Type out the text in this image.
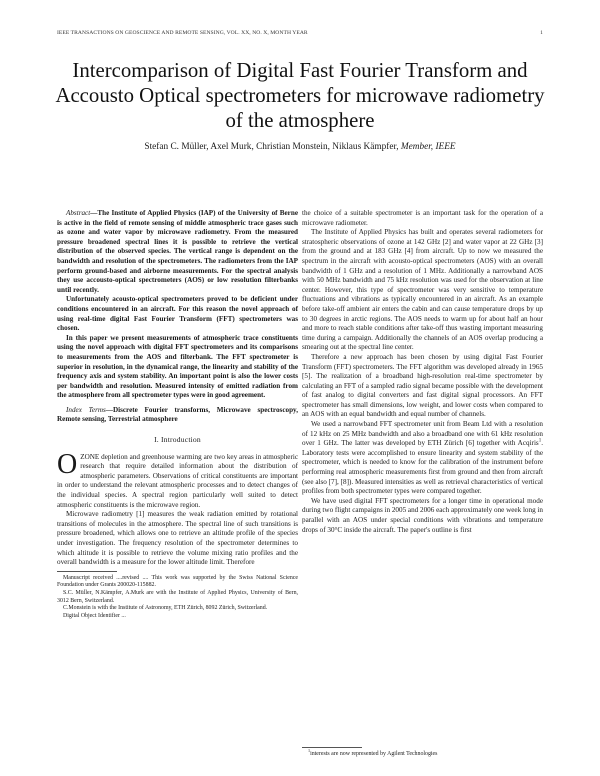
IEEE TRANSACTIONS ON GEOSCIENCE AND REMOTE SENSING, VOL. XX, NO. X, MONTH YEAR	1
Intercomparison of Digital Fast Fourier Transform and Accousto Optical spectrometers for microwave radiometry of the atmosphere
Stefan C. Müller, Axel Murk, Christian Monstein, Niklaus Kämpfer, Member, IEEE

Abstract—The Institute of Applied Physics (IAP) of the University of Berne is active in the field of remote sensing of middle atmospheric trace gases such as ozone and water vapor by microwave radiometry. From the measured pressure broadened spectral lines it is possible to retrieve the vertical distribution of the observed species. The vertical range is dependent on the bandwidth and resolution of the spectrometers. The radiometers from the IAP perform ground-based and airborne measurements. For the spectral analysis they use accousto-optical spectrometers (AOS) or low resolution filterbanks until recently.

Unfortunately acousto-optical spectrometers proved to be deficient under conditions encountered in an aircraft. For this reason the novel approach of using real-time digital Fast Fourier Transform (FFT) spectrometers was chosen.

In this paper we present measurements of atmospheric trace constituents using the novel approach with digital FFT spectrometers and its comparisons to measurements from the AOS and filterbank. The FFT spectrometer is superior in resolution, in the dynamical range, the linearity and stability of the frequency axis and system stability. An important point is also the lower costs per bandwidth and resolution. Measured intensity of emitted radiation from the atmosphere from all spectrometer types were in good agreement.

Index Terms—Discrete Fourier transforms, Microwave spectroscopy, Remote sensing, Terrestrial atmosphere

I. Introduction

OZONE depletion and greenhouse warming are two key areas in atmospheric research that require detailed information about the distribution of atmospheric parameters. Observations of critical constituents are important in order to understand the relevant atmospheric processes and to detect changes of the individual species. A spectral region particularly well suited to detect atmospheric constituents is the microwave region.

Microwave radiometry [1] measures the weak radiation emitted by rotational transitions of molecules in the atmosphere. The spectral line of such transitions is pressure broadened, which allows one to retrieve an altitude profile of the species under investigation. The frequency resolution of the spectrometer determines to which altitude it is possible to retrieve the volume mixing ratio profiles and the overall bandwidth is a measure for the lower altitude limit. Therefore

Manuscript received ....revised .... This work was supported by the Swiss National Science Foundation under Grants 200020-115882.

S.C. Müller, N.Kämpfer, A.Murk are with the Institute of Applied Physics, University of Bern, 3012 Bern, Switzerland.

C.Monstein is with the Institute of Astronomy, ETH Zürich, 8092 Zürich, Switzerland.

Digital Object Identifier ...

the choice of a suitable spectrometer is an important task for the operation of a microwave radiometer.

The Institute of Applied Physics has built and operates several radiometers for stratospheric observations of ozone at 142 GHz [2] and water vapor at 22 GHz [3] from the ground and at 183 GHz [4] from aircraft. Up to now we measured the spectrum in the aircraft with acousto-optical spectrometers (AOS) with an overall bandwidth of 1 GHz and a resolution of 1 MHz. Additionally a narrowband AOS with 50 MHz bandwidth and 75 kHz resolution was used for the observation at line center. However, this type of spectrometer was very sensitive to temperature fluctuations and vibrations as typically encountered in an aircraft. As an example before take-off ambient air enters the cabin and can cause temperature drops by up to 30 degrees in arctic regions. The AOS needs to warm up for about half an hour and more to reach stable conditions after take-off thus wasting important measuring time during a campaign. Additionally the channels of an AOS overlap producing a smearing out at the spectral line center.

Therefore a new approach has been chosen by using digital Fast Fourier Transform (FFT) spectrometers. The FFT algorithm was developed already in 1965 [5]. The realization of a broadband high-resolution real-time spectrometer by calculating an FFT of a sampled radio signal became possible with the development of fast analog to digital converters and fast digital signal processors. An FFT spectrometer has small dimensions, low weight, and lower costs when compared to an AOS with an equal bandwidth and equal number of channels.

We used a narrowband FFT spectrometer unit from Beam Ltd with a resolution of 12 kHz on 25 MHz bandwidth and also a broadband one with 61 kHz resolution over 1 GHz. The latter was developed by ETH Zürich [6] together with Acqiris$^1$. Laboratory tests were accomplished to ensure linearity and system stability of the spectrometer, which is needed to know for the calibration of the instrument before performing real atmospheric measurements first from ground and then from aircraft (see also [7], [8]). Measured intensities as well as retrieval characteristics of vertical profiles from both spectrometer types were compared together.

We have used digital FFT spectrometers for a longer time in operational mode during two flight campaigns in 2005 and 2006 each approximately one week long in parallel with an AOS under special conditions with vibrations and temperature drops of 30°C inside the aircraft. The paper's outline is first

$^1$interests are now represented by Agilent Technologies
